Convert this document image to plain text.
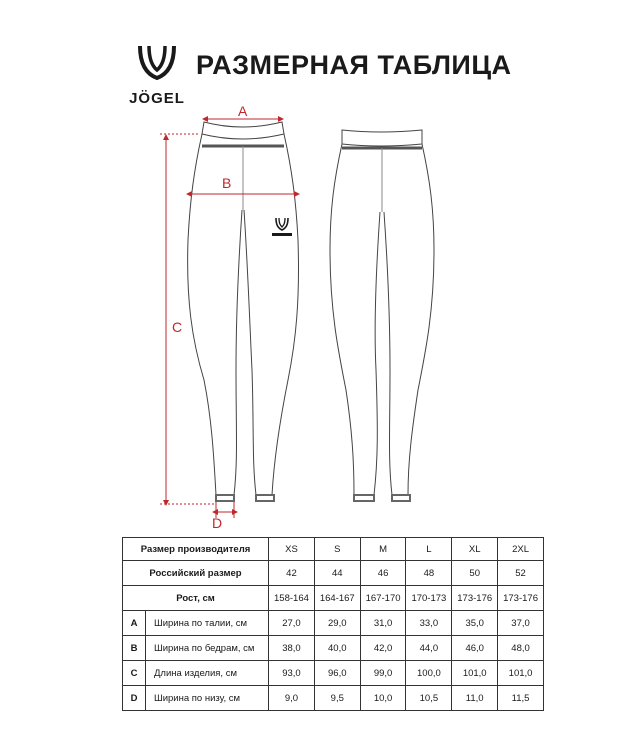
JÖGEL
РАЗМЕРНАЯ ТАБЛИЦА
A
B
C
D
Размер производителя		XS	S	M	L	XL	2XL
Российский размер		42	44	46	48	50	52
Рост, см		158-164	164-167	167-170	170-173	173-176	173-176
A	Ширина по талии, см	27,0	29,0	31,0	33,0	35,0	37,0
B	Ширина по бедрам, см	38,0	40,0	42,0	44,0	46,0	48,0
C	Длина изделия, см	93,0	96,0	99,0	100,0	101,0	101,0
D	Ширина по низу, см	9,0	9,5	10,0	10,5	11,0	11,5
